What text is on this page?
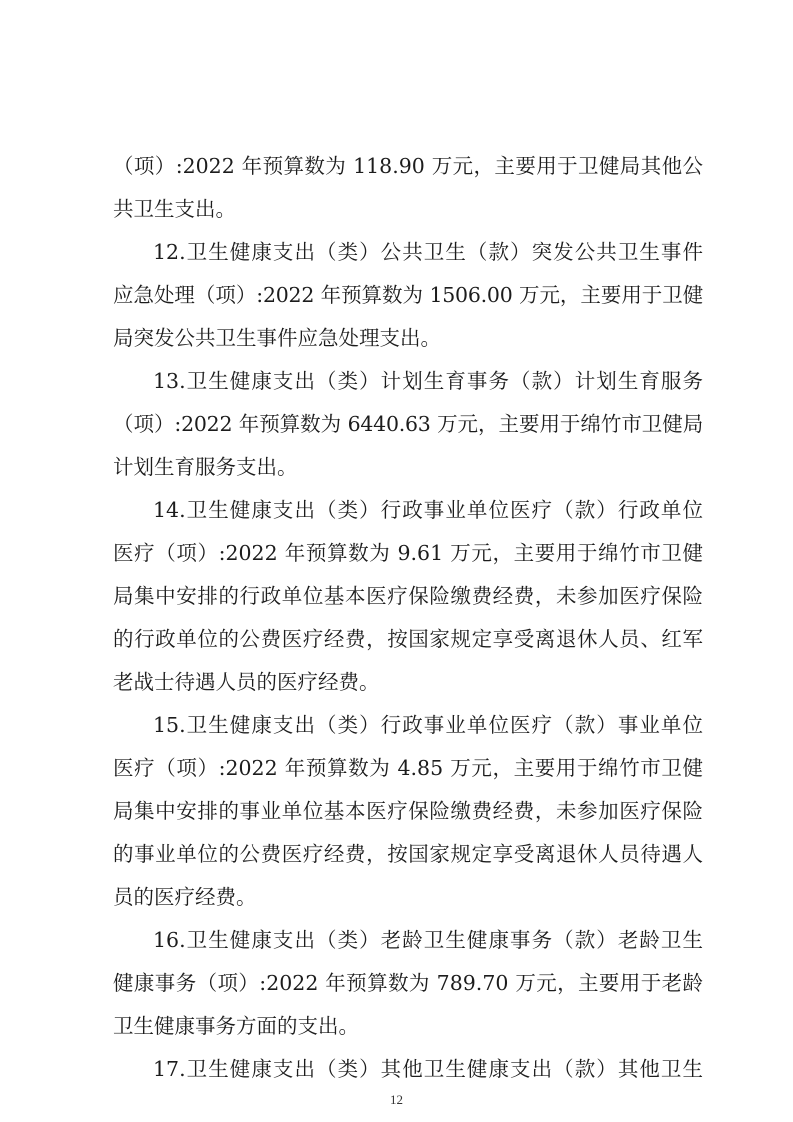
（项）:2022 年预算数为 118.90 万元，主要用于卫健局其他公
共卫生支出。
12.卫生健康支出（类）公共卫生（款）突发公共卫生事件
应急处理（项）:2022 年预算数为 1506.00 万元，主要用于卫健
局突发公共卫生事件应急处理支出。
13.卫生健康支出（类）计划生育事务（款）计划生育服务
（项）:2022 年预算数为 6440.63 万元，主要用于绵竹市卫健局
计划生育服务支出。
14.卫生健康支出（类）行政事业单位医疗（款）行政单位
医疗（项）:2022 年预算数为 9.61 万元，主要用于绵竹市卫健
局集中安排的行政单位基本医疗保险缴费经费，未参加医疗保险
的行政单位的公费医疗经费，按国家规定享受离退休人员、红军
老战士待遇人员的医疗经费。
15.卫生健康支出（类）行政事业单位医疗（款）事业单位
医疗（项）:2022 年预算数为 4.85 万元，主要用于绵竹市卫健
局集中安排的事业单位基本医疗保险缴费经费，未参加医疗保险
的事业单位的公费医疗经费，按国家规定享受离退休人员待遇人
员的医疗经费。
16.卫生健康支出（类）老龄卫生健康事务（款）老龄卫生
健康事务（项）:2022 年预算数为 789.70 万元，主要用于老龄
卫生健康事务方面的支出。
17.卫生健康支出（类）其他卫生健康支出（款）其他卫生
12
